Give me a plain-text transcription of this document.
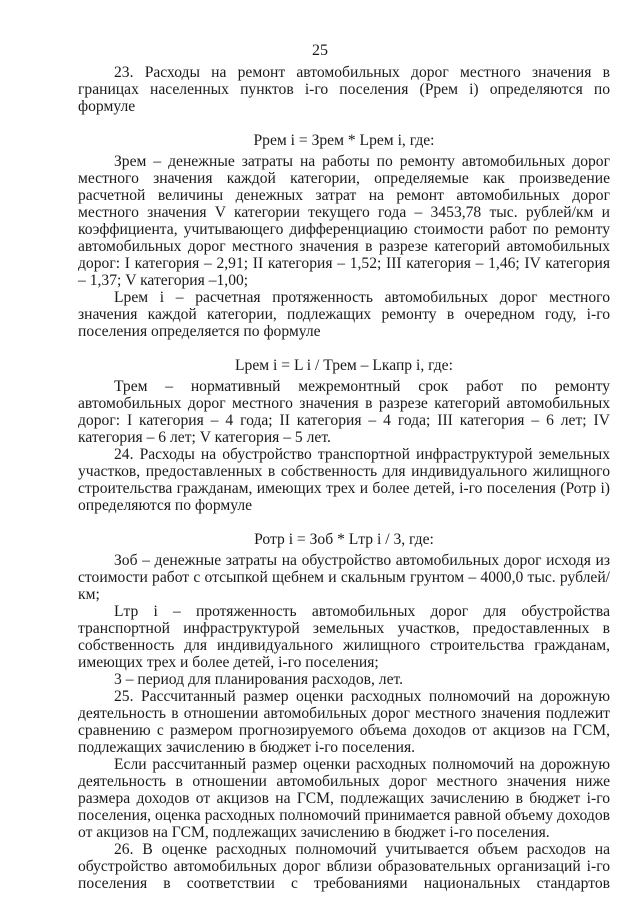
25

23. Расходы на ремонт автомобильных дорог местного значения в границах населенных пунктов i-го поселения (Ррем i) определяются по формуле

Ррем i = Зрем * Lрем i, где:

Зрем – денежные затраты на работы по ремонту автомобильных дорог местного значения каждой категории, определяемые как произведение расчетной величины денежных затрат на ремонт автомобильных дорог местного значения V категории текущего года – 3453,78 тыс. рублей/км и коэффициента, учитывающего дифференциацию стоимости работ по ремонту автомобильных дорог местного значения в разрезе категорий автомобильных дорог: I категория – 2,91; II категория – 1,52; III категория – 1,46; IV категория – 1,37; V категория –1,00;

Lрем i – расчетная протяженность автомобильных дорог местного значения каждой категории, подлежащих ремонту в очередном году, i-го поселения определяется по формуле

Lрем i = L i / Трем – Lкапр i, где:

Трем – нормативный межремонтный срок работ по ремонту автомобильных дорог местного значения в разрезе категорий автомобильных дорог: I категория – 4 года; II категория – 4 года; III категория – 6 лет; IV категория – 6 лет; V категория – 5 лет.

24. Расходы на обустройство транспортной инфраструктурой земельных участков, предоставленных в собственность для индивидуального жилищного строительства гражданам, имеющих трех и более детей, i-го поселения (Ротр i) определяются по формуле

Ротр i = Зоб * Lтр i / 3, где:

Зоб – денежные затраты на обустройство автомобильных дорог исходя из стоимости работ с отсыпкой щебнем и скальным грунтом – 4000,0 тыс. рублей/км;

Lтр i – протяженность автомобильных дорог для обустройства транспортной инфраструктурой земельных участков, предоставленных в собственность для индивидуального жилищного строительства гражданам, имеющих трех и более детей, i-го поселения;

3 – период для планирования расходов, лет.

25. Рассчитанный размер оценки расходных полномочий на дорожную деятельность в отношении автомобильных дорог местного значения подлежит сравнению с размером прогнозируемого объема доходов от акцизов на ГСМ, подлежащих зачислению в бюджет i-го поселения.

Если рассчитанный размер оценки расходных полномочий на дорожную деятельность в отношении автомобильных дорог местного значения ниже размера доходов от акцизов на ГСМ, подлежащих зачислению в бюджет i-го поселения, оценка расходных полномочий принимается равной объему доходов от акцизов на ГСМ, подлежащих зачислению в бюджет i-го поселения.

26. В оценке расходных полномочий учитывается объем расходов на обустройство автомобильных дорог вблизи образовательных организаций i-го поселения в соответствии с требованиями национальных стандартов
